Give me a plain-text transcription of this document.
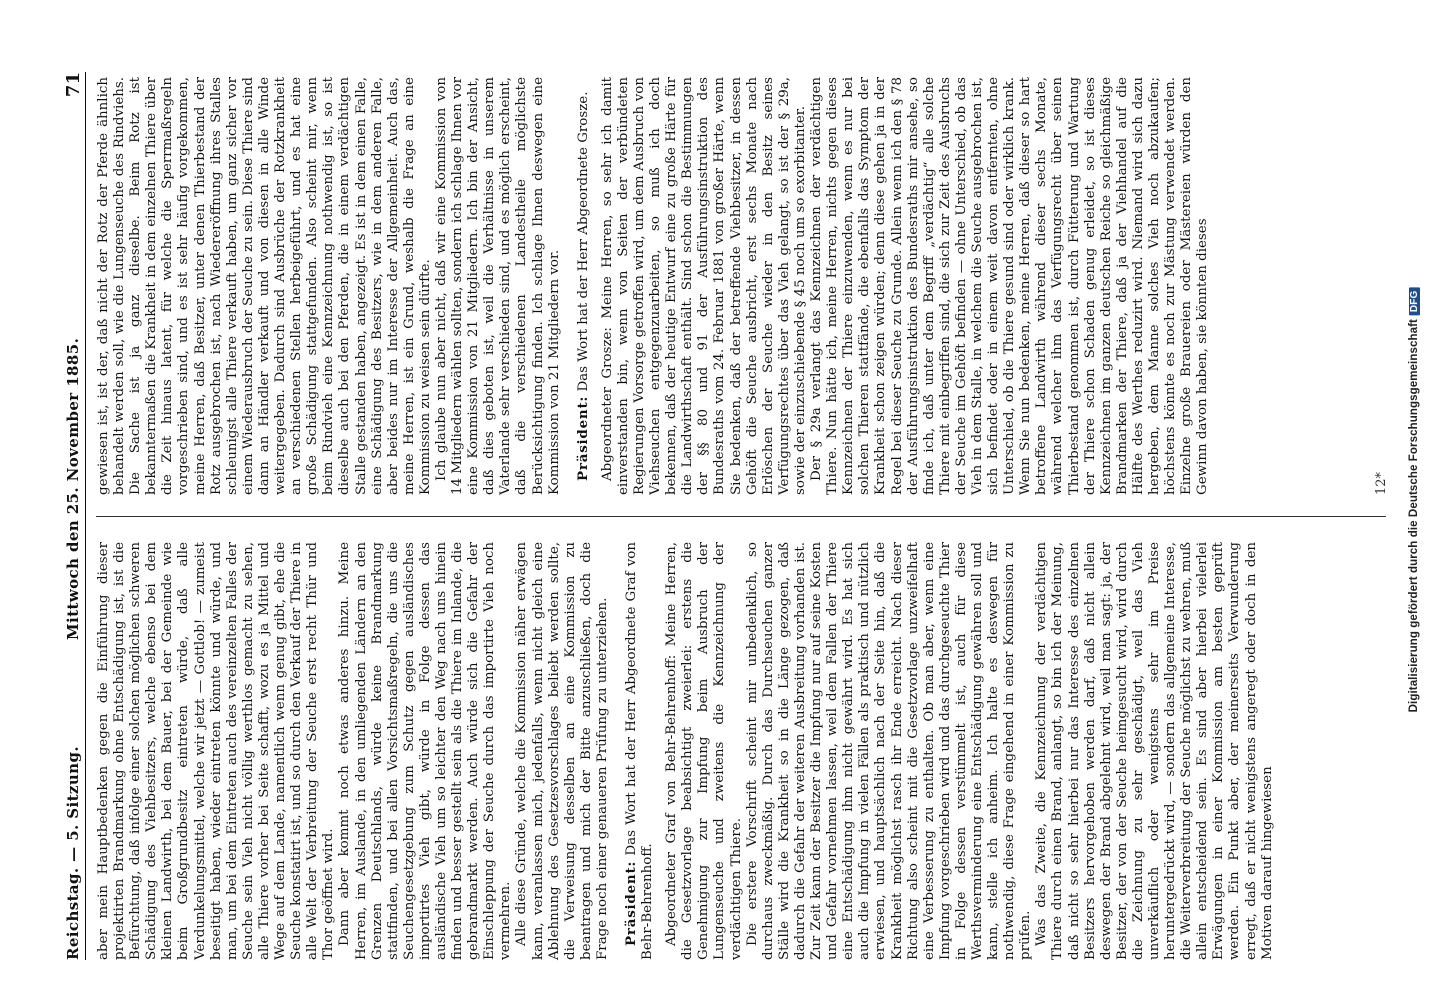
Reichstag. — 5. Sitzung.
Mittwoch den 25. November 1885.
71

aber mein Hauptbedenken gegen die Einführung dieser projektirten Brandmarkung ohne Entschädigung ist, ist die Befürchtung, daß infolge einer solchen möglichen schweren Schädigung des Viehbesitzers, welche ebenso bei dem kleinen Landwirth, bei dem Bauer, bei der Gemeinde wie beim Großgrundbesitz eintreten würde, daß alle Verdunkelungsmittel, welche wir jetzt — Gottlob! — zumeist beseitigt haben, wieder eintreten könnte und würde, und man, um bei dem Eintreten auch des vereinzelten Falles der Seuche sein Vieh nicht völlig werthlos gemacht zu sehen, alle Thiere vorher bei Seite schafft, wozu es ja Mittel und Wege auf dem Lande, namentlich wenn genug gibt, ehe die Seuche konstatirt ist, und so durch den Verkauf der Thiere in alle Welt der Verbreitung der Seuche erst recht Thür und Thor geöffnet wird. Dann aber kommt noch etwas anderes hinzu. Meine Herren, im Auslande, in den umliegenden Ländern an den Grenzen Deutschlands, würde keine Brandmarkung stattfinden, und bei allen Vorsichtsmaßregeln, die uns die Seuchengesetzgebung zum Schutz gegen ausländisches importirtes Vieh gibt, würde in Folge dessen das ausländische Vieh um so leichter den Weg nach uns hinein finden und besser gestellt sein als die Thiere im Inlande, die gebrandmarkt werden. Auch würde sich die Gefahr der Einschleppung der Seuche durch das importirte Vieh noch vermehren. Alle diese Gründe, welche die Kommission näher erwägen kann, veranlassen mich, jedenfalls, wenn nicht gleich eine Ablehnung des Gesetzesvorschlages beliebt werden sollte, die Verweisung desselben an eine Kommission zu beantragen und mich der Bitte anzuschließen, doch die Frage noch einer genaueren Prüfung zu unterziehen. Präsident: Das Wort hat der Herr Abgeordnete Graf von Behr-Behrenhoff. Abgeordneter Graf von Behr-Behrenhoff: Meine Herren, die Gesetzvorlage beabsichtigt zweierlei: erstens die Genehmigung zur Impfung beim Ausbruch der Lungenseuche und zweitens die Kennzeichnung der verdächtigen Thiere. Die erstere Vorschrift scheint mir unbedenklich, so durchaus zweckmäßig. Durch das Durchseuchen ganzer Ställe wird die Krankheit so in die Länge gezogen, daß dadurch die Gefahr der weiteren Ausbreitung vorhanden ist. Zur Zeit kann der Besitzer die Impfung nur auf seine Kosten und Gefahr vornehmen lassen, weil dem Fallen der Thiere eine Entschädigung ihm nicht gewährt wird. Es hat sich auch die Impfung in vielen Fällen als praktisch und nützlich erwiesen, und hauptsächlich nach der Seite hin, daß die Krankheit möglichst rasch ihr Ende erreicht. Nach dieser Richtung also scheint mit die Gesetzvorlage unzweifelhaft eine Verbesserung zu enthalten. Ob man aber, wenn eine Impfung vorgeschrieben wird und das durchgeseuchte Thier in Folge dessen verstümmelt ist, auch für diese Werthsverminderung eine Entschädigung gewähren soll und kann, stelle ich anheim. Ich halte es deswegen für nothwendig, diese Frage eingehend in einer Kommission zu prüfen. Was das Zweite, die Kennzeichnung der verdächtigen Thiere durch einen Brand, anlangt, so bin ich der Meinung, daß nicht so sehr hierbei nur das Interesse des einzelnen Besitzers hervorgehoben werden darf, daß nicht allein deswegen der Brand abgelehnt wird, weil man sagt: ja, der Besitzer, der von der Seuche heimgesucht wird, wird durch die Zeichnung zu sehr geschädigt, weil das Vieh unverkäuflich oder wenigstens sehr im Preise heruntergedrückt wird, — sondern das allgemeine Interesse, die Weiterverbreitung der Seuche möglichst zu wehren, muß allein entscheidend sein. Es sind aber hierbei vielerlei Erwägungen in einer Kommission am besten geprüft werden. Ein Punkt aber, der meinerseits Verwunderung erregt, daß er nicht wenigstens angeregt oder doch in den Motiven darauf hingewiesen

gewiesen ist, ist der, daß nicht der Rotz der Pferde ähnlich behandelt werden soll, wie die Lungenseuche des Rindviehs. Die Sache ist ja ganz dieselbe. Beim Rotz ist bekanntermaßen die Krankheit in dem einzelnen Thiere über die Zeit hinaus latent, für welche die Sperrmaßregeln vorgeschrieben sind, und es ist sehr häufig vorgekommen, meine Herren, daß Besitzer, unter denen Thierbestand der Rotz ausgebrochen ist, nach Wiedereröffnung ihres Stalles schleunigst alle Thiere verkauft haben, um ganz sicher vor einem Wiederausbruch der Seuche zu sein. Diese Thiere sind dann an Händler verkauft und von diesen in alle Winde weitergegeben. Dadurch sind Ausbrüche der Rotzkrankheit an verschiedenen Stellen herbeigeführt, und es hat eine große Schädigung stattgefunden. Also scheint mir, wenn beim Rindvieh eine Kennzeichnung nothwendig ist, so ist dieselbe auch bei den Pferden, die in einem verdächtigen Stalle gestanden haben, angezeigt. Es ist in dem einen Falle, eine Schädigung des Besitzers, wie in dem anderen Falle, aber beides nur im Interesse der Allgemeinheit. Auch das, meine Herren, ist ein Grund, weshalb die Frage an eine Kommission zu weisen sein dürfte. Ich glaube nun aber nicht, daß wir eine Kommission von 14 Mitgliedern wählen sollten, sondern ich schlage Ihnen vor eine Kommission von 21 Mitgliedern. Ich bin der Ansicht, daß dies geboten ist, weil die Verhältnisse in unserem Vaterlande sehr verschieden sind, und es möglich erscheint, daß die verschiedenen Landestheile möglichste Berücksichtigung finden. Ich schlage Ihnen deswegen eine Kommission von 21 Mitgliedern vor. Präsident: Das Wort hat der Herr Abgeordnete Grosze. Abgeordneter Grosze: Meine Herren, so sehr ich damit einverstanden bin, wenn von Seiten der verbündeten Regierungen Vorsorge getroffen wird, um dem Ausbruch von Viehseuchen entgegenzuarbeiten, so muß ich doch bekennen, daß der heutige Entwurf eine zu große Härte für die Landwirthschaft enthält. Sind schon die Bestimmungen der §§ 80 und 91 der Ausführungsinstruktion des Bundesraths vom 24. Februar 1881 von großer Härte, wenn Sie bedenken, daß der betreffende Viehbesitzer, in dessen Gehöft die Seuche ausbricht, erst sechs Monate nach Erlöschen der Seuche wieder in den Besitz seines Verfügungsrechtes über das Vieh gelangt, so ist der § 29a, sowie der einzuschiebende § 45 noch um so exorbitanter. Der § 29a verlangt das Kennzeichnen der verdächtigen Thiere. Nun hätte ich, meine Herren, nichts gegen dieses Kennzeichnen der Thiere einzuwenden, wenn es nur bei solchen Thieren stattfände, die ebenfalls das Symptom der Krankheit schon zeigen würden; denn diese gehen ja in der Regel bei dieser Seuche zu Grunde. Allein wenn ich den § 78 der Ausführungsinstruktion des Bundesraths mir ansehe, so finde ich, daß unter dem Begriff „verdächtig“ alle solche Thiere mit einbegriffen sind, die sich zur Zeit des Ausbruchs der Seuche im Gehöft befinden — ohne Unterschied, ob das Vieh in dem Stalle, in welchem die Seuche ausgebrochen ist, sich befindet oder in einem weit davon entfernten, ohne Unterschied, ob die Thiere gesund sind oder wirklich krank. Wenn Sie nun bedenken, meine Herren, daß dieser so hart betroffene Landwirth während dieser sechs Monate, während welcher ihm das Verfügungsrecht über seinen Thierbestand genommen ist, durch Fütterung und Wartung der Thiere schon Schaden genug erleidet, so ist dieses Kennzeichnen im ganzen deutschen Reiche so gleichmäßige Brandmarken der Thiere, daß ja der Viehhandel auf die Hälfte des Werthes reduzirt wird. Niemand wird sich dazu hergeben, dem Manne solches Vieh noch abzukaufen; höchstens könnte es noch zur Mästung verwendet werden. Einzelne große Brauereien oder Mästereien würden den Gewinn davon haben, sie könnten dieses	12* Digitalisierung gefördert durch die Deutsche ForschungsgemeinschaftDFG
